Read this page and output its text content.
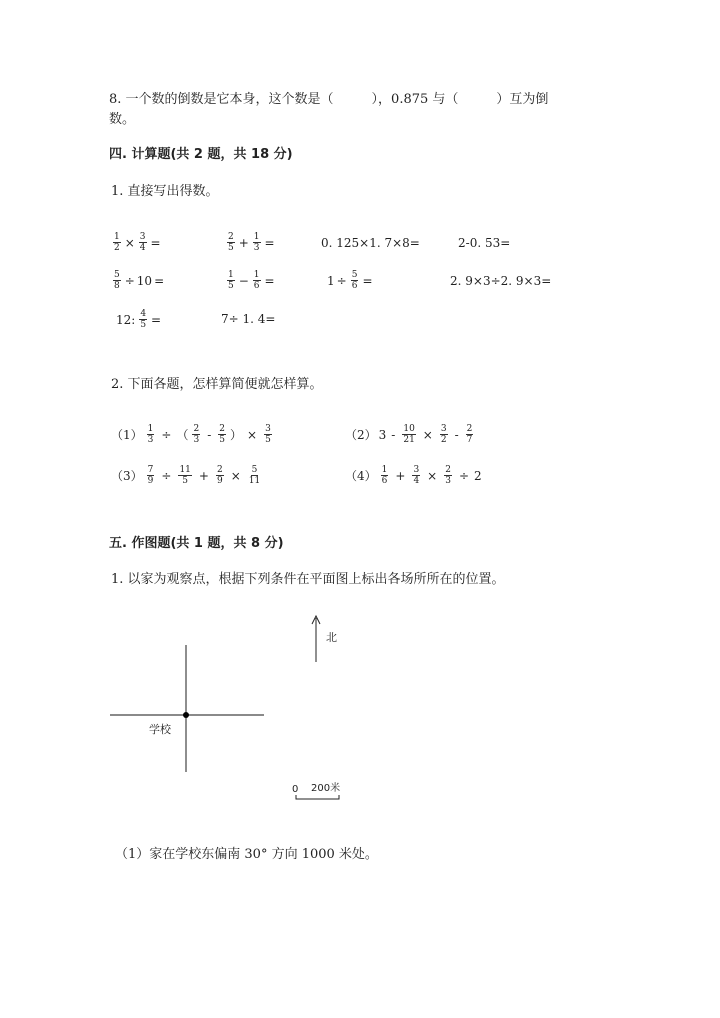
8. 一个数的倒数是它本身，这个数是（	），0.875 与（	）互为倒
数。
四. 计算题(共 2 题，共 18 分)
1. 直接写出得数。
$\frac{1}{2} \times \frac{3}{4}$ =	$\frac{2}{5} + \frac{1}{3}$ =	0. 125×1. 7×8=	2-0. 53=
$\frac{5}{8} \div 10$ =	$\frac{1}{5} - \frac{1}{6}$ =	$1 \div \frac{5}{6}$ =	2. 9×3÷2. 9×3=
12: $\frac{4}{5}$ =	7÷ 1. 4=
2. 下面各题，怎样算简便就怎样算。
$(1) \frac{1}{3}$ ÷ （ $\frac{2}{3} - \frac{2}{5}$ ） × $\frac{3}{5}$	（2） $3 - \frac{10}{21} \times \frac{3}{2} - \frac{2}{7}$
$(3) \frac{7}{9} \div \frac{11}{5} + \frac{2}{9} \times \frac{5}{11}$	$(4) \frac{1}{6} + \frac{3}{4} \times \frac{2}{3} \div 2$
五. 作图题(共 1 题，共 8 分)
1. 以家为观察点，根据下列条件在平面图上标出各场所所在的位置。
北
学校
0 200米
（1）家在学校东偏南 30° 方向 1000 米处。
